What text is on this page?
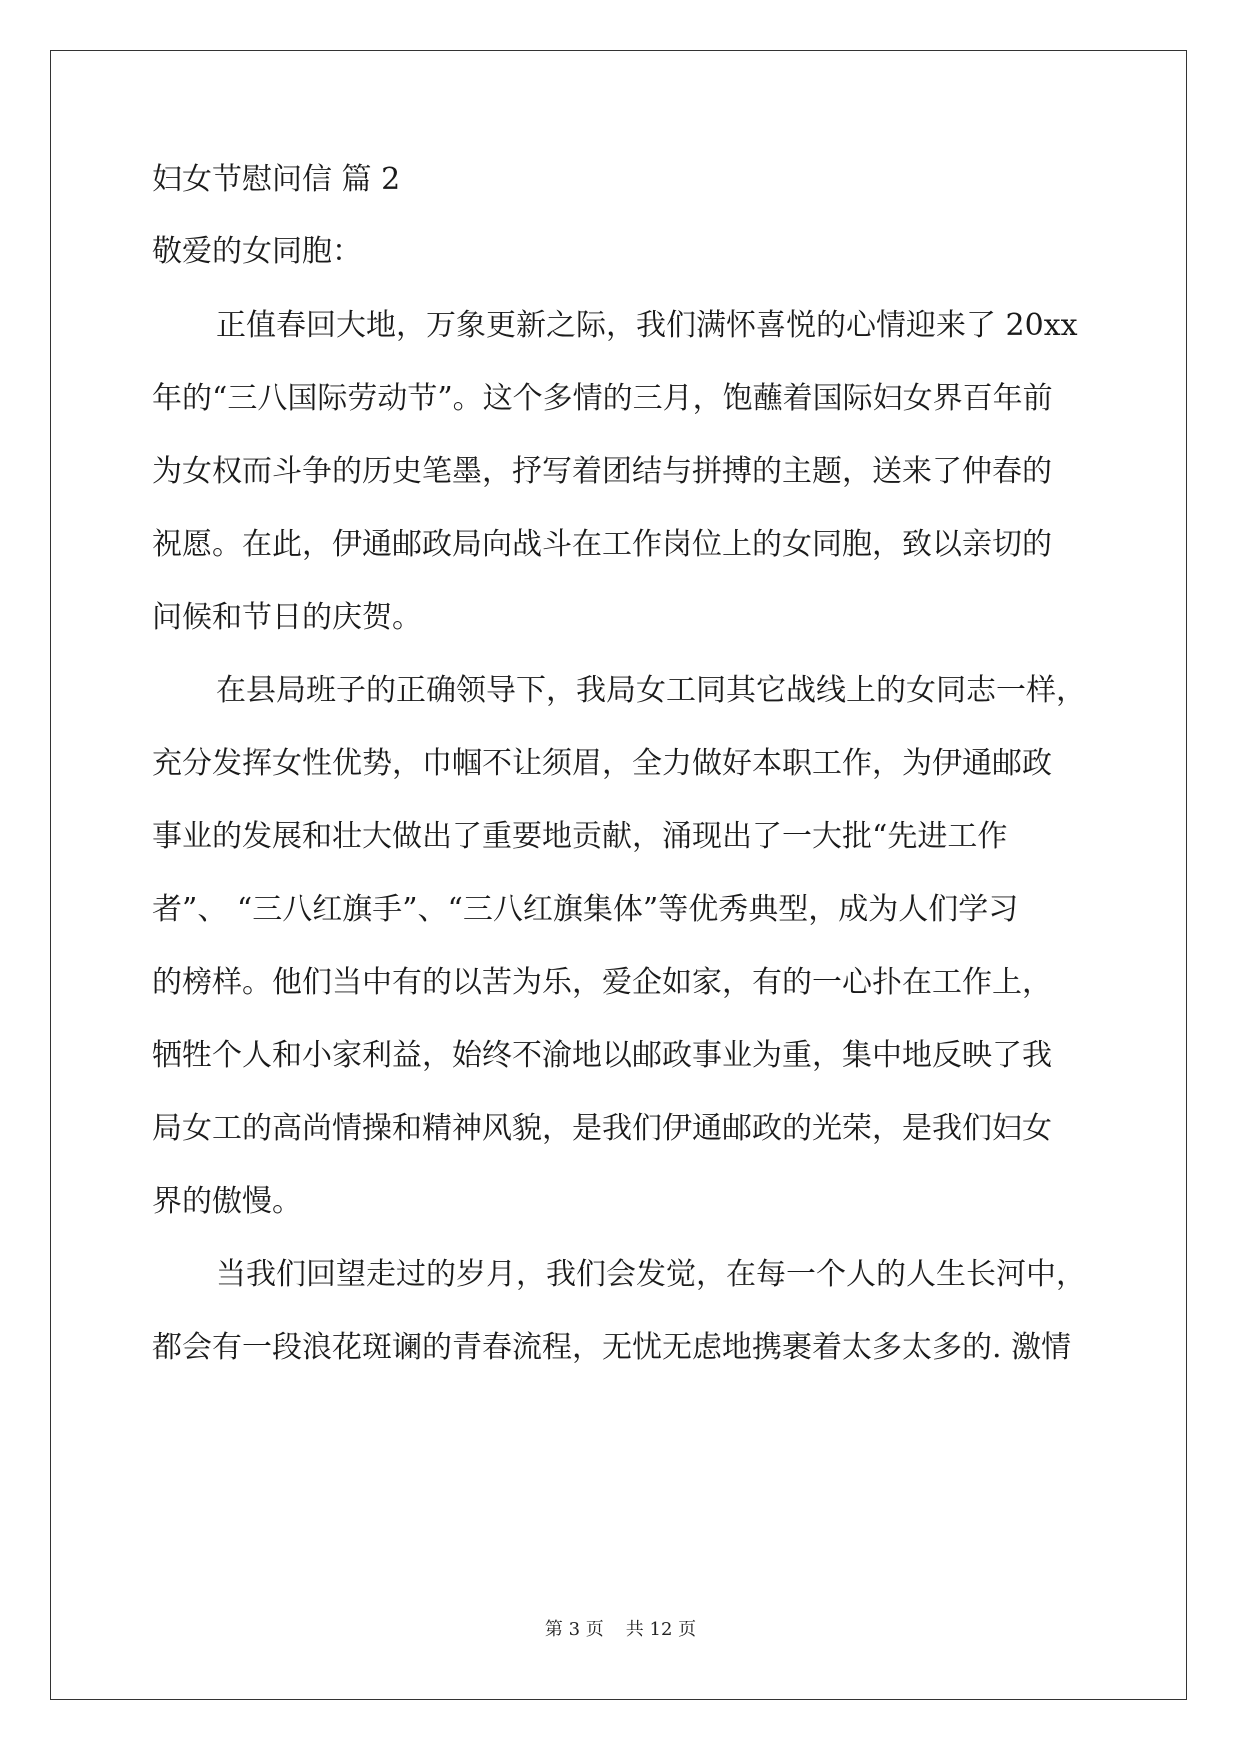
妇女节慰问信 篇 2
敬爱的女同胞：
正值春回大地，万象更新之际，我们满怀喜悦的心情迎来了 20xx
年的“三八国际劳动节”。这个多情的三月，饱蘸着国际妇女界百年前
为女权而斗争的历史笔墨，抒写着团结与拼搏的主题，送来了仲春的
祝愿。在此，伊通邮政局向战斗在工作岗位上的女同胞，致以亲切的
问候和节日的庆贺。
在县局班子的正确领导下，我局女工同其它战线上的女同志一样，
充分发挥女性优势，巾帼不让须眉，全力做好本职工作，为伊通邮政
事业的发展和壮大做出了重要地贡献，涌现出了一大批“先进工作
者”、 “三八红旗手”、“三八红旗集体”等优秀典型，成为人们学习
的榜样。他们当中有的以苦为乐，爱企如家，有的一心扑在工作上，
牺牲个人和小家利益，始终不渝地以邮政事业为重，集中地反映了我
局女工的高尚情操和精神风貌，是我们伊通邮政的光荣，是我们妇女
界的傲慢。
当我们回望走过的岁月，我们会发觉，在每一个人的人生长河中，
都会有一段浪花斑谰的青春流程，无忧无虑地携裹着太多太多的. 激情
第 3 页 共 12 页
